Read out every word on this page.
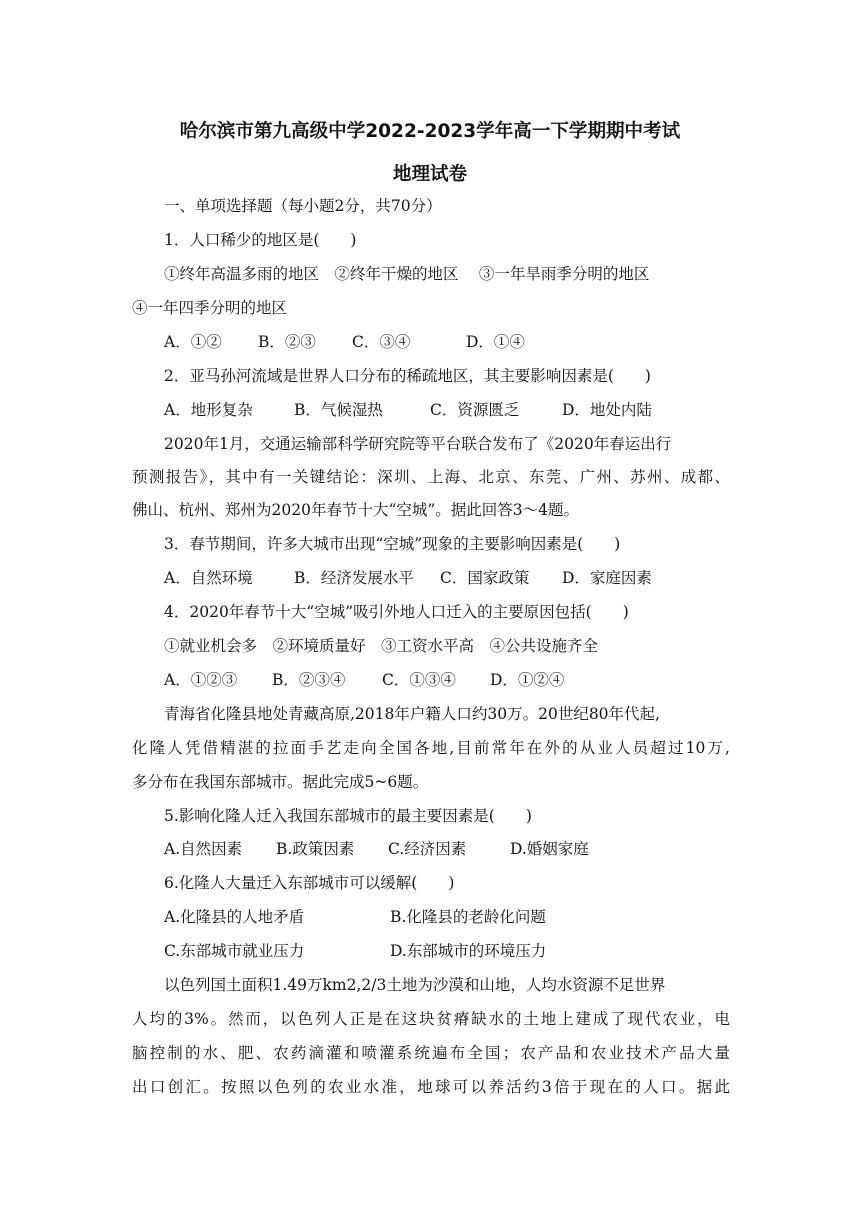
哈尔滨市第九高级中学2022-2023学年高一下学期期中考试
地理试卷
一、单项选择题（每小题2分，共70分）
1．人口稀少的地区是(　　)
①终年高温多雨的地区　②终年干燥的地区　 ③一年旱雨季分明的地区
④一年四季分明的地区
A．①② B．②③ C．③④	D．①④
2．亚马孙河流域是世界人口分布的稀疏地区，其主要影响因素是(　　)
A．地形复杂	B．气候湿热	C．资源匮乏	D．地处内陆
2020年1月，交通运输部科学研究院等平台联合发布了《2020年春运出行
预测报告》，其中有一关键结论：深圳、上海、北京、东莞、广州、苏州、成都、
佛山、杭州、郑州为2020年春节十大“空城”。据此回答3～4题。
3．春节期间，许多大城市出现“空城”现象的主要影响因素是(　　)
A．自然环境	B．经济发展水平 C．国家政策 D．家庭因素
4．2020年春节十大“空城”吸引外地人口迁入的主要原因包括(　　)
①就业机会多　②环境质量好　③工资水平高　④公共设施齐全
A．①②③ B．②③④ C．①③④ D．①②④
青海省化隆县地处青藏高原,2018年户籍人口约30万。20世纪80年代起,
化隆人凭借精湛的拉面手艺走向全国各地,目前常年在外的从业人员超过10万,
多分布在我国东部城市。据此完成5~6题。
5.影响化隆人迁入我国东部城市的最主要因素是(　　)
A.自然因素 B.政策因素 C.经济因素	D.婚姻家庭
6.化隆人大量迁入东部城市可以缓解(　　)
A.化隆县的人地矛盾	B.化隆县的老龄化问题
C.东部城市就业压力	D.东部城市的环境压力
以色列国土面积1.49万km2,2/3土地为沙漠和山地，人均水资源不足世界
人均的3%。然而，以色列人正是在这块贫瘠缺水的土地上建成了现代农业，电
脑控制的水、肥、农药滴灌和喷灌系统遍布全国；农产品和农业技术产品大量
出口创汇。按照以色列的农业水准，地球可以养活约3倍于现在的人口。据此
